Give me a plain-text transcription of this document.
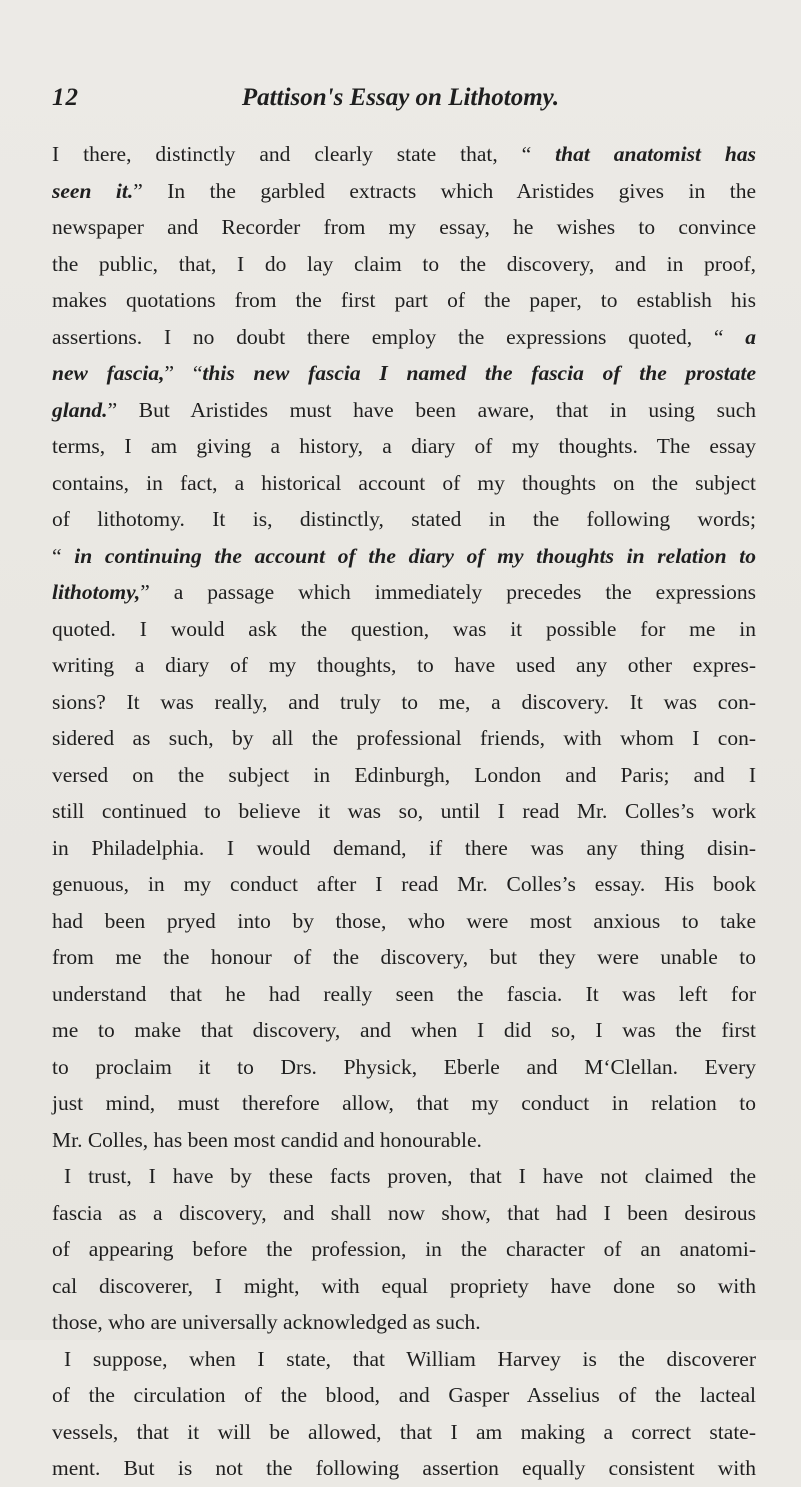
12	Pattison's Essay on Lithotomy.
I there, distinctly and clearly state that, “ that anatomist has
seen it.” In the garbled extracts which Aristides gives in the
newspaper and Recorder from my essay, he wishes to convince
the public, that, I do lay claim to the discovery, and in proof,
makes quotations from the first part of the paper, to establish his
assertions. I no doubt there employ the expressions quoted, “ a
new fascia,” “this new fascia I named the fascia of the prostate
gland.” But Aristides must have been aware, that in using such
terms, I am giving a history, a diary of my thoughts. The essay
contains, in fact, a historical account of my thoughts on the subject
of lithotomy. It is, distinctly, stated in the following words;
“ in continuing the account of the diary of my thoughts in relation to
lithotomy,” a passage which immediately precedes the expressions
quoted. I would ask the question, was it possible for me in
writing a diary of my thoughts, to have used any other expres-
sions? It was really, and truly to me, a discovery. It was con-
sidered as such, by all the professional friends, with whom I con-
versed on the subject in Edinburgh, London and Paris; and I
still continued to believe it was so, until I read Mr. Colles’s work
in Philadelphia. I would demand, if there was any thing disin-
genuous, in my conduct after I read Mr. Colles’s essay. His book
had been pryed into by those, who were most anxious to take
from me the honour of the discovery, but they were unable to
understand that he had really seen the fascia. It was left for
me to make that discovery, and when I did so, I was the first
to proclaim it to Drs. Physick, Eberle and M‘Clellan. Every
just mind, must therefore allow, that my conduct in relation to
Mr. Colles, has been most candid and honourable.
I trust, I have by these facts proven, that I have not claimed the
fascia as a discovery, and shall now show, that had I been desirous
of appearing before the profession, in the character of an anatomi-
cal discoverer, I might, with equal propriety have done so with
those, who are universally acknowledged as such.
I suppose, when I state, that William Harvey is the discoverer
of the circulation of the blood, and Gasper Asselius of the lacteal
vessels, that it will be allowed, that I am making a correct state-
ment. But is not the following assertion equally consistent with
